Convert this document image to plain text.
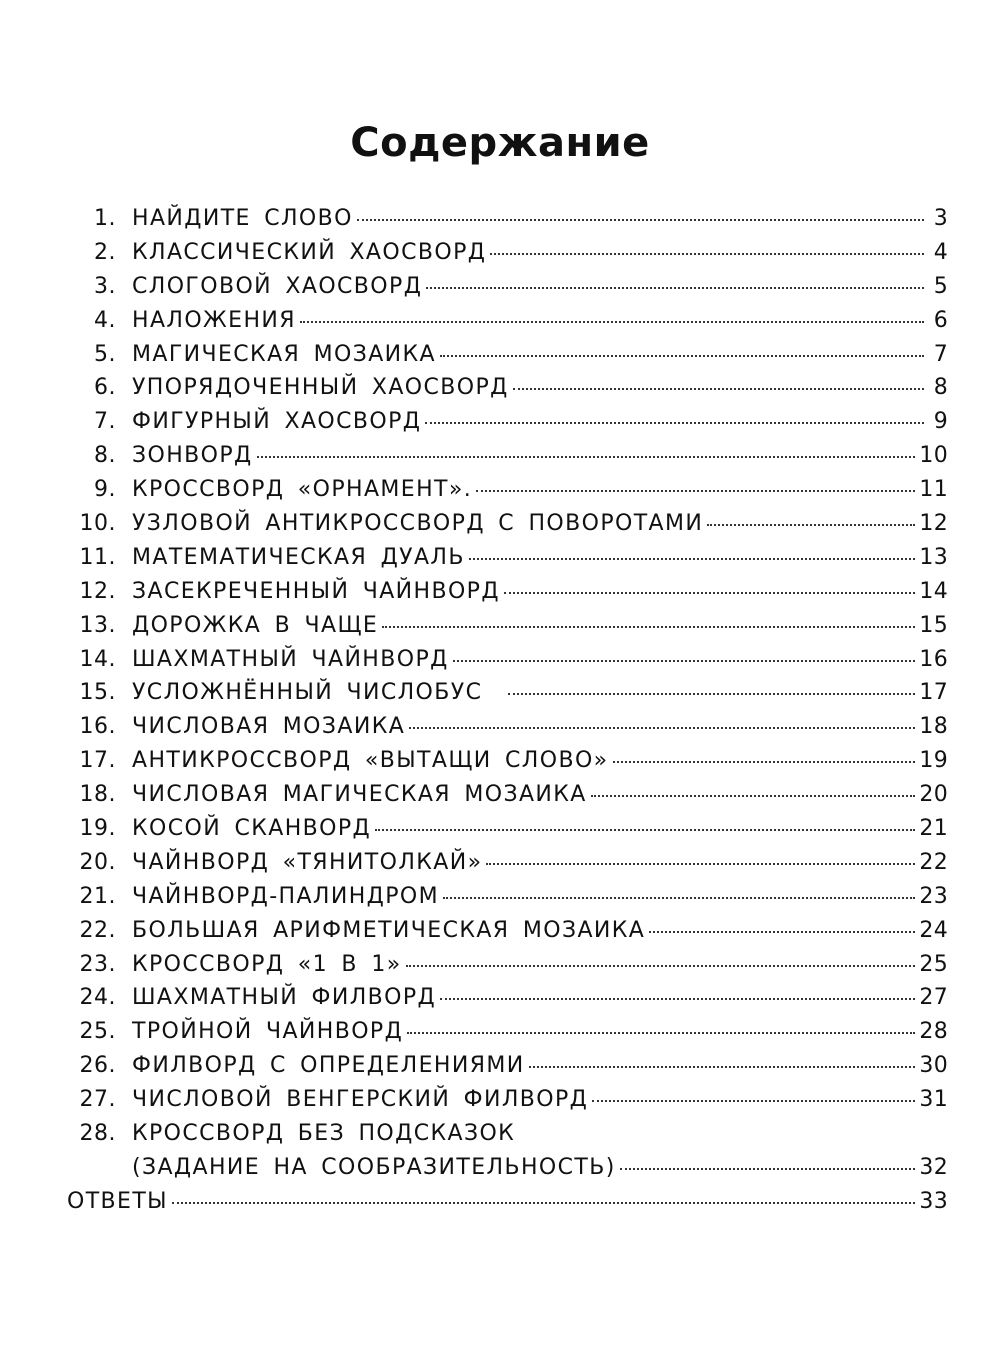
Содержание
1. НАЙДИТЕ СЛОВО	3
2. КЛАССИЧЕСКИЙ ХАОСВОРД	4
3. СЛОГОВОЙ ХАОСВОРД	5
4. НАЛОЖЕНИЯ	6
5. МАГИЧЕСКАЯ МОЗАИКА	7
6. УПОРЯДОЧЕННЫЙ ХАОСВОРД	8
7. ФИГУРНЫЙ ХАОСВОРД	9
8. ЗОНВОРД	10
9. КРОССВОРД «ОРНАМЕНТ».	11
10. УЗЛОВОЙ АНТИКРОССВОРД С ПОВОРОТАМИ	12
11. МАТЕМАТИЧЕСКАЯ ДУАЛЬ	13
12. ЗАСЕКРЕЧЕННЫЙ ЧАЙНВОРД	14
13. ДОРОЖКА В ЧАЩЕ	15
14. ШАХМАТНЫЙ ЧАЙНВОРД	16
15. УСЛОЖНЁННЫЙ ЧИСЛОБУС	17
16. ЧИСЛОВАЯ МОЗАИКА	18
17. АНТИКРОССВОРД «ВЫТАЩИ СЛОВО»	19
18. ЧИСЛОВАЯ МАГИЧЕСКАЯ МОЗАИКА	20
19. КОСОЙ СКАНВОРД	21
20. ЧАЙНВОРД «ТЯНИТОЛКАЙ»	22
21. ЧАЙНВОРД-ПАЛИНДРОМ	23
22. БОЛЬШАЯ АРИФМЕТИЧЕСКАЯ МОЗАИКА	24
23. КРОССВОРД «1 В 1»	25
24. ШАХМАТНЫЙ ФИЛВОРД	27
25. ТРОЙНОЙ ЧАЙНВОРД	28
26. ФИЛВОРД С ОПРЕДЕЛЕНИЯМИ	30
27. ЧИСЛОВОЙ ВЕНГЕРСКИЙ ФИЛВОРД	31
28. КРОССВОРД БЕЗ ПОДСКАЗОК
(ЗАДАНИЕ НА СООБРАЗИТЕЛЬНОСТЬ)	32
ОТВЕТЫ	33
